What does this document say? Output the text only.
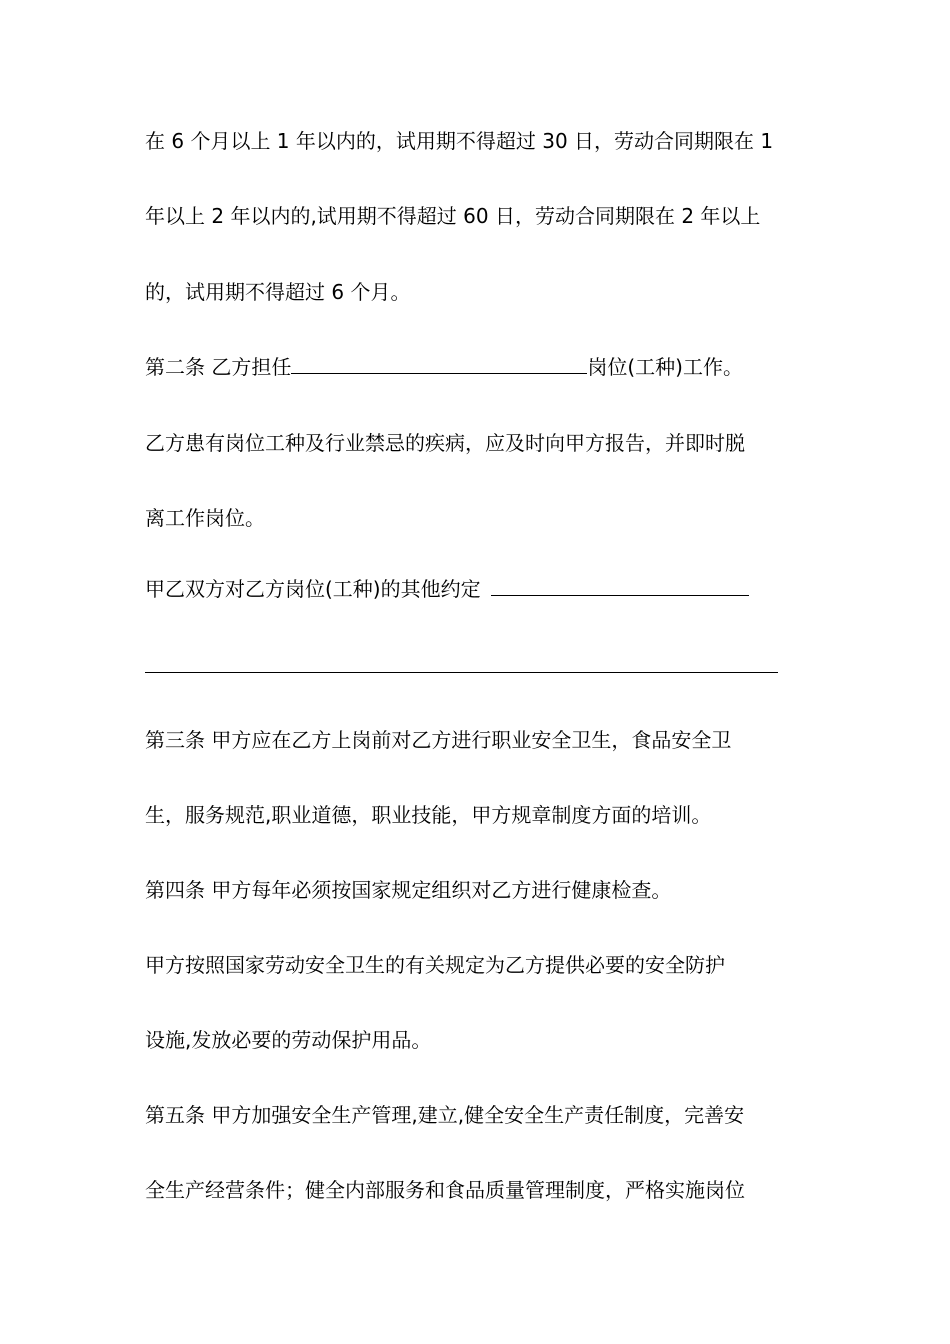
在 6 个月以上 1 年以内的，试用期不得超过 30 日，劳动合同期限在 1
年以上 2 年以内的,试用期不得超过 60 日，劳动合同期限在 2 年以上
的，试用期不得超过 6 个月。
第二条 乙方担任	岗位(工种)工作。
乙方患有岗位工种及行业禁忌的疾病，应及时向甲方报告，并即时脱
离工作岗位。
甲乙双方对乙方岗位(工种)的其他约定
第三条 甲方应在乙方上岗前对乙方进行职业安全卫生，食品安全卫
生，服务规范,职业道德，职业技能，甲方规章制度方面的培训。
第四条 甲方每年必须按国家规定组织对乙方进行健康检查。
甲方按照国家劳动安全卫生的有关规定为乙方提供必要的安全防护
设施,发放必要的劳动保护用品。
第五条 甲方加强安全生产管理,建立,健全安全生产责任制度，完善安
全生产经营条件；健全内部服务和食品质量管理制度，严格实施岗位
